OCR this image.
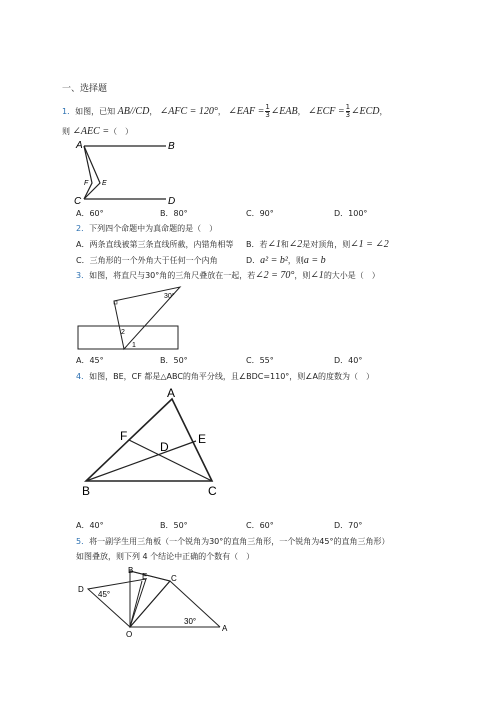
一、选择题
1．如图，已知 AB//CD， ∠AFC = 120°， ∠EAF = $\frac{1}{3}$ ∠EAB， ∠ECF = $\frac{1}{3}$ ∠ECD，
则 ∠AEC =（　）
A	B
F E
C	D
A．60°	B．80°	C．90°	D．100°
2．下列四个命题中为真命题的是（　）
A．两条直线被第三条直线所截，内错角相等 B．若∠1和∠2是对顶角，则∠1 = ∠2
C．三角形的一个外角大于任何一个内角	D．a² = b²，则a = b
3．如图，将直尺与30°角的三角尺叠放在一起，若∠2 = 70°，则∠1的大小是（　）
30°
2
1
A．45°	B．50°	C．55°	D．40°
4．如图，BE，CF 都是△ABC的角平分线，且∠BDC=110°，则∠A的度数为（　）
A
F	E
D
B	C
A．40°	B．50°	C．60°	D．70°
5．将一副学生用三角板（一个锐角为30°的直角三角形，一个锐角为45°的直角三角形）
如图叠放，则下列 4 个结论中正确的个数有（　）
B
E	C
D
45°
O
30°
A
